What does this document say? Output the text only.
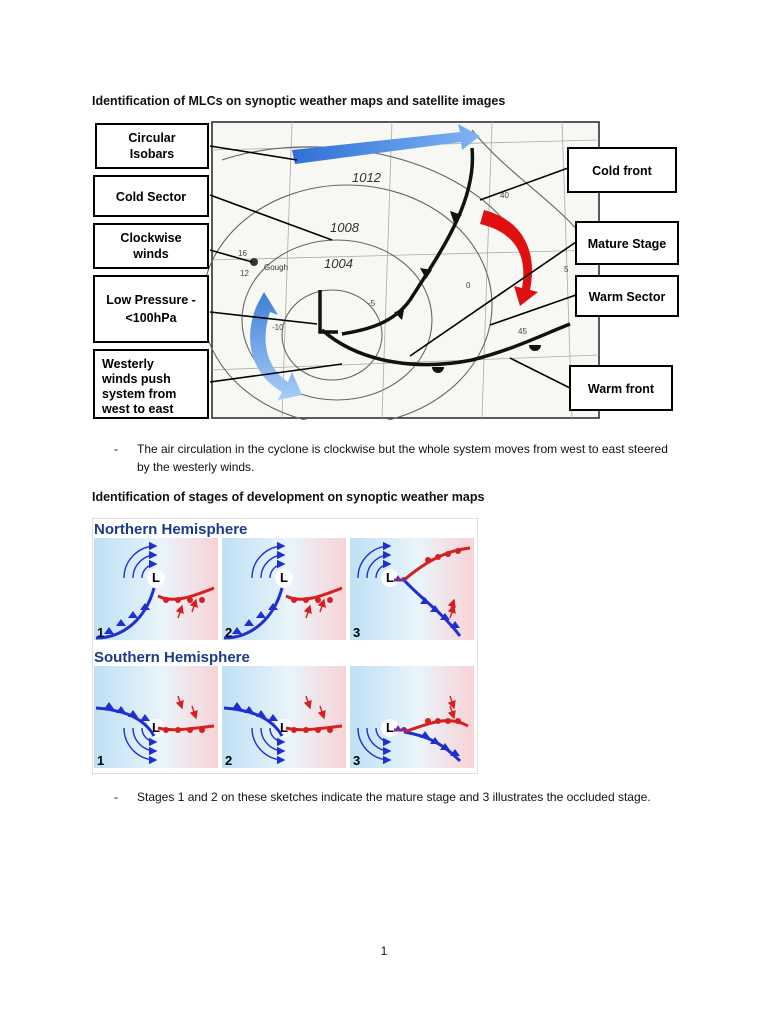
Identification of MLCs on synoptic weather maps and satellite images
1012
1008
1004
Gough
40
0
5
-5
-10	45
16
12
Circular
Isobars
Cold Sector
Clockwise
winds
Low Pressure -
<100hPa
Westerly
winds push
system from
west to east
Cold front
Mature Stage
Warm Sector
Warm front
- The air circulation in the cyclone is clockwise but the whole system moves from west to east steered by the westerly winds.
Identification of stages of development on synoptic weather maps
Northern Hemisphere
Southern Hemisphere
L
1
L
2
L
3
L
1
L
2
L
3
- Stages 1 and 2 on these sketches indicate the mature stage and 3 illustrates the occluded stage.
1
